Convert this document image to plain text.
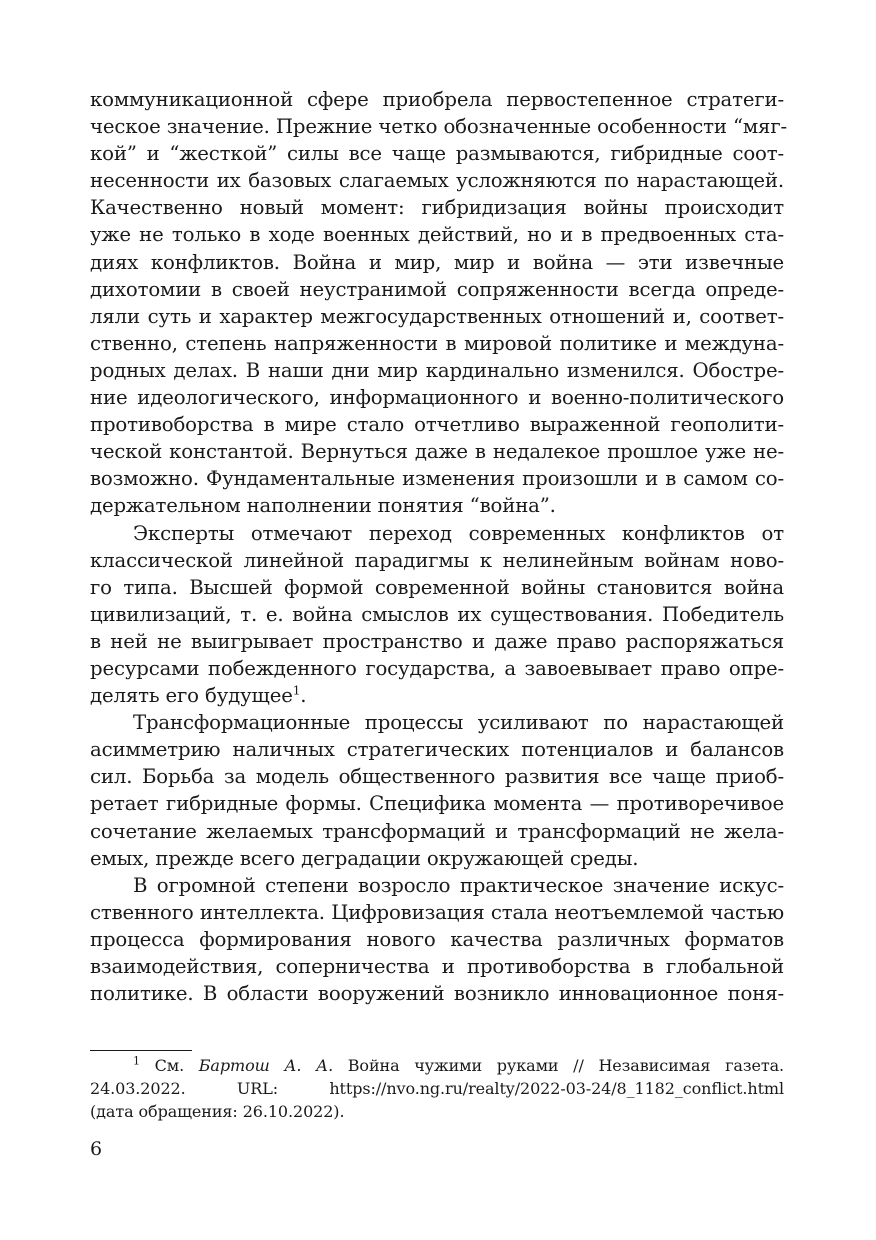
коммуникационной сфере приобрела первостепенное стратеги-
ческое значение. Прежние четко обозначенные особенности “мяг-
кой” и “жесткой” силы все чаще размываются, гибридные соот-
несенности их базовых слагаемых усложняются по нарастающей.
Качественно новый момент: гибридизация войны происходит
уже не только в ходе военных действий, но и в предвоенных ста-
диях конфликтов. Война и мир, мир и война — эти извечные
дихотомии в своей неустранимой сопряженности всегда опреде-
ляли суть и характер межгосударственных отношений и, соответ-
ственно, степень напряженности в мировой политике и междуна-
родных делах. В наши дни мир кардинально изменился. Обостре-
ние идеологического, информационного и военно-политического
противоборства в мире стало отчетливо выраженной геополити-
ческой константой. Вернуться даже в недалекое прошлое уже не-
возможно. Фундаментальные изменения произошли и в самом со-
держательном наполнении понятия “война”.
Эксперты отмечают переход современных конфликтов от
классической линейной парадигмы к нелинейным войнам ново-
го типа. Высшей формой современной войны становится война
цивилизаций, т. е. война смыслов их существования. Победитель
в ней не выигрывает пространство и даже право распоряжаться
ресурсами побежденного государства, а завоевывает право опре-
делять его будущее$^1$.
Трансформационные процессы усиливают по нарастающей
асимметрию наличных стратегических потенциалов и балансов
сил. Борьба за модель общественного развития все чаще приоб-
ретает гибридные формы. Специфика момента — противоречивое
сочетание желаемых трансформаций и трансформаций не жела-
емых, прежде всего деградации окружающей среды.
В огромной степени возросло практическое значение искус-
ственного интеллекта. Цифровизация стала неотъемлемой частью
процесса формирования нового качества различных форматов
взаимодействия, соперничества и противоборства в глобальной
политике. В области вооружений возникло инновационное поня-
$^1$ См. Бартош А. А. Война чужими руками // Независимая газета.
24.03.2022. URL: https://nvo.ng.ru/realty/2022-03-24/8_1182_conflict.html
(дата обращения: 26.10.2022).
6
